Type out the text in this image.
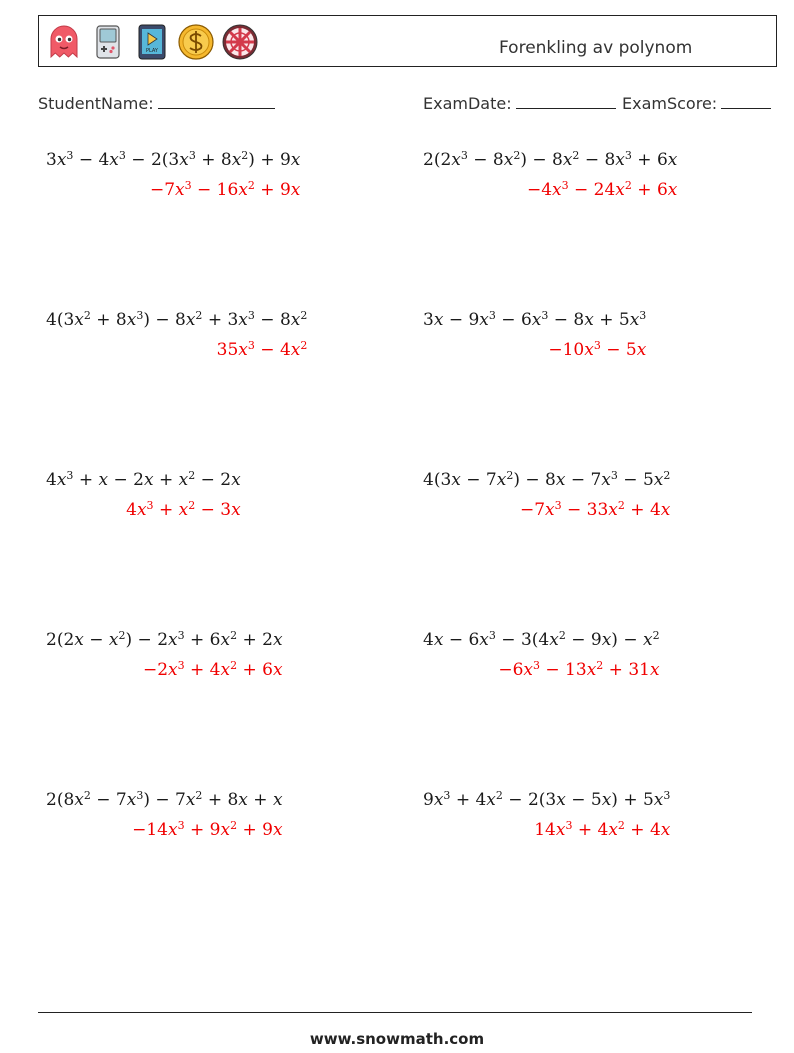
PLAY	Forenkling av polynom
StudentName:	ExamDate:	ExamScore:
$3x^3 - 4x^3 - 2(3x^3 + 8x^2) + 9x$
$-7x^3 - 16x^2 + 9x$
$2(2x^3 - 8x^2) - 8x^2 - 8x^3 + 6x$
$-4x^3 - 24x^2 + 6x$
$4(3x^2 + 8x^3) - 8x^2 + 3x^3 - 8x^2$
$35x^3 - 4x^2$
$3x - 9x^3 - 6x^3 - 8x + 5x^3$
$-10x^3 - 5x$
$4x^3 + x - 2x + x^2 - 2x$
$4x^3 + x^2 - 3x$
$4(3x - 7x^2) - 8x - 7x^3 - 5x^2$
$-7x^3 - 33x^2 + 4x$
$2(2x - x^2) - 2x^3 + 6x^2 + 2x$
$-2x^3 + 4x^2 + 6x$
$4x - 6x^3 - 3(4x^2 - 9x) - x^2$
$-6x^3 - 13x^2 + 31x$
$2(8x^2 - 7x^3) - 7x^2 + 8x + x$
$-14x^3 + 9x^2 + 9x$
$9x^3 + 4x^2 - 2(3x - 5x) + 5x^3$
$14x^3 + 4x^2 + 4x$
www.snowmath.com
